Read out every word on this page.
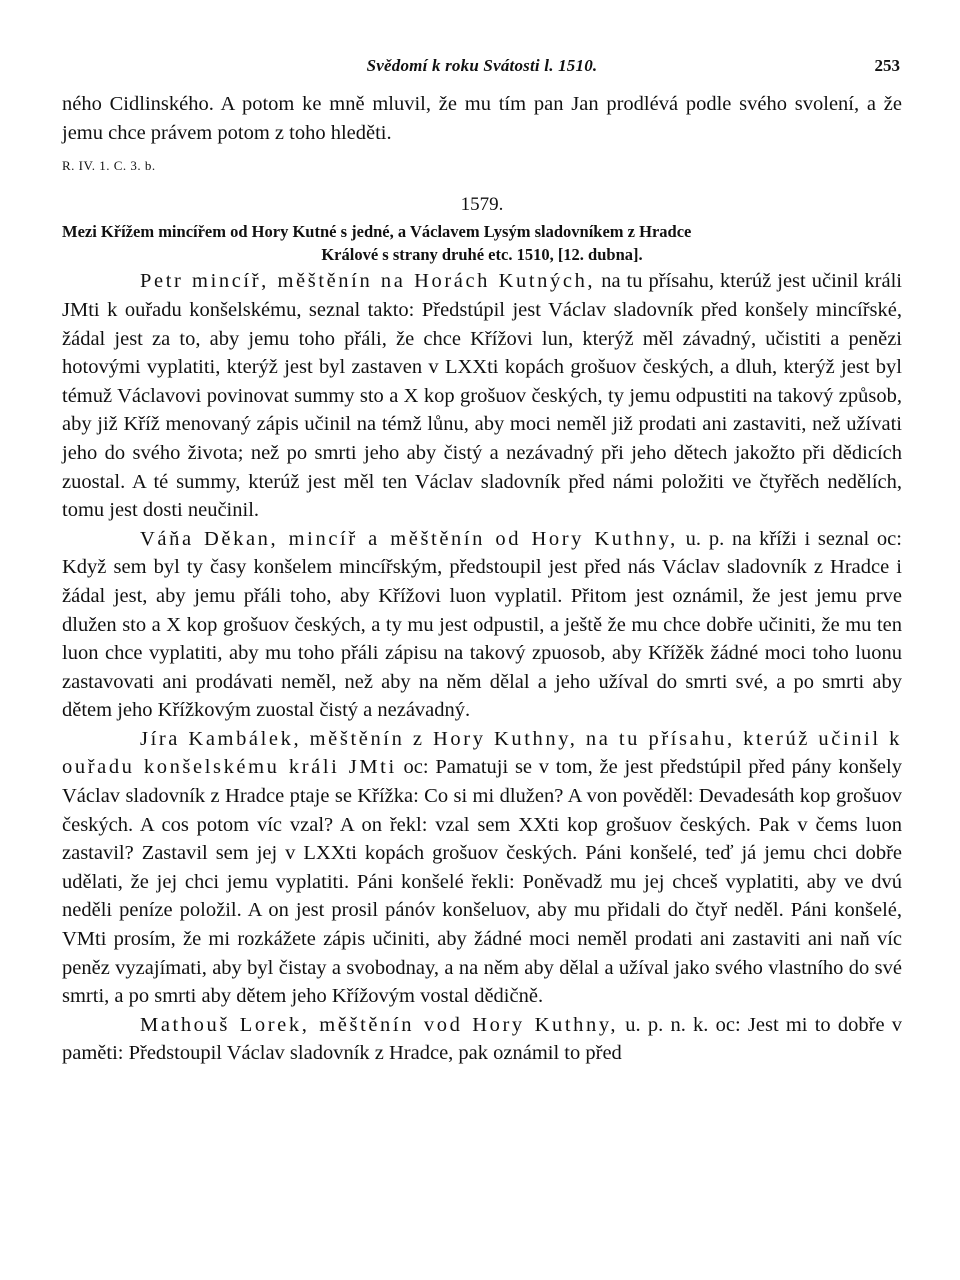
Svědomí k roku Svátosti l. 1510.	253

ného Cidlinského. A potom ke mně mluvil, že mu tím pan Jan prodlévá podle svého svolení, a že jemu chce právem potom z toho hleděti.

R. IV. 1. C. 3. b.
1579.
Mezi Křížem mincířem od Hory Kutné s jedné, a Václavem Lysým sladovníkem z Hradce
Králové s strany druhé etc. 1510, [12. dubna].

Petr mincíř, měštěnín na Horách Kutných, na tu přísahu, kterúž jest učinil králi JMti k ouřadu konšelskému, seznal takto: Předstúpil jest Václav sladovník před konšely mincířské, žádal jest za to, aby jemu toho přáli, že chce Křížovi lun, kterýž měl závadný, učistiti a penězi hotovými vyplatiti, kterýž jest byl zastaven v LXXti kopách grošuov českých, a dluh, kterýž jest byl témuž Václavovi povinovat summy sto a X kop grošuov českých, ty jemu odpustiti na takový způsob, aby již Kříž menovaný zápis učinil na témž lůnu, aby moci neměl již prodati ani zastaviti, než užívati jeho do svého života; než po smrti jeho aby čistý a nezávadný při jeho dětech jakožto při dědicích zuostal. A té summy, kterúž jest měl ten Václav sladovník před námi položiti ve čtyřěch nedělích, tomu jest dosti neučinil.

Váňa Děkan, mincíř a měštěnín od Hory Kuthny, u. p. na kříži i seznal oc: Když sem byl ty časy konšelem mincířským, předstoupil jest před nás Václav sladovník z Hradce i žádal jest, aby jemu přáli toho, aby Křížovi luon vyplatil. Přitom jest oznámil, že jest jemu prve dlužen sto a X kop grošuov českých, a ty mu jest odpustil, a ještě že mu chce dobře učiniti, že mu ten luon chce vyplatiti, aby mu toho přáli zápisu na takový zpuosob, aby Křížěk žádné moci toho luonu zastavovati ani prodávati neměl, než aby na něm dělal a jeho užíval do smrti své, a po smrti aby dětem jeho Křížkovým zuostal čistý a nezávadný.

Jíra Kambálek, měštěnín z Hory Kuthny, na tu přísahu, kterúž učinil k ouřadu konšelskému králi JMti oc: Pamatuji se v tom, že jest předstúpil před pány konšely Václav sladovník z Hradce ptaje se Křížka: Co si mi dlužen? A von pověděl: Devadesáth kop grošuov českých. A cos potom víc vzal? A on řekl: vzal sem XXti kop grošuov českých. Pak v čems luon zastavil? Zastavil sem jej v LXXti kopách grošuov českých. Páni konšelé, teď já jemu chci dobře udělati, že jej chci jemu vyplatiti. Páni konšelé řekli: Poněvadž mu jej chceš vyplatiti, aby ve dvú neděli peníze položil. A on jest prosil pánóv konšeluov, aby mu přidali do čtyř neděl. Páni konšelé, VMti prosím, že mi rozkážete zápis učiniti, aby žádné moci neměl prodati ani zastaviti ani naň víc peněz vyzajímati, aby byl čistay a svobodnay, a na něm aby dělal a užíval jako svého vlastního do své smrti, a po smrti aby dětem jeho Křížovým vostal dědičně.

Mathouš Lorek, měštěnín vod Hory Kuthny, u. p. n. k. oc: Jest mi to dobře v paměti: Předstoupil Václav sladovník z Hradce, pak oznámil to před
